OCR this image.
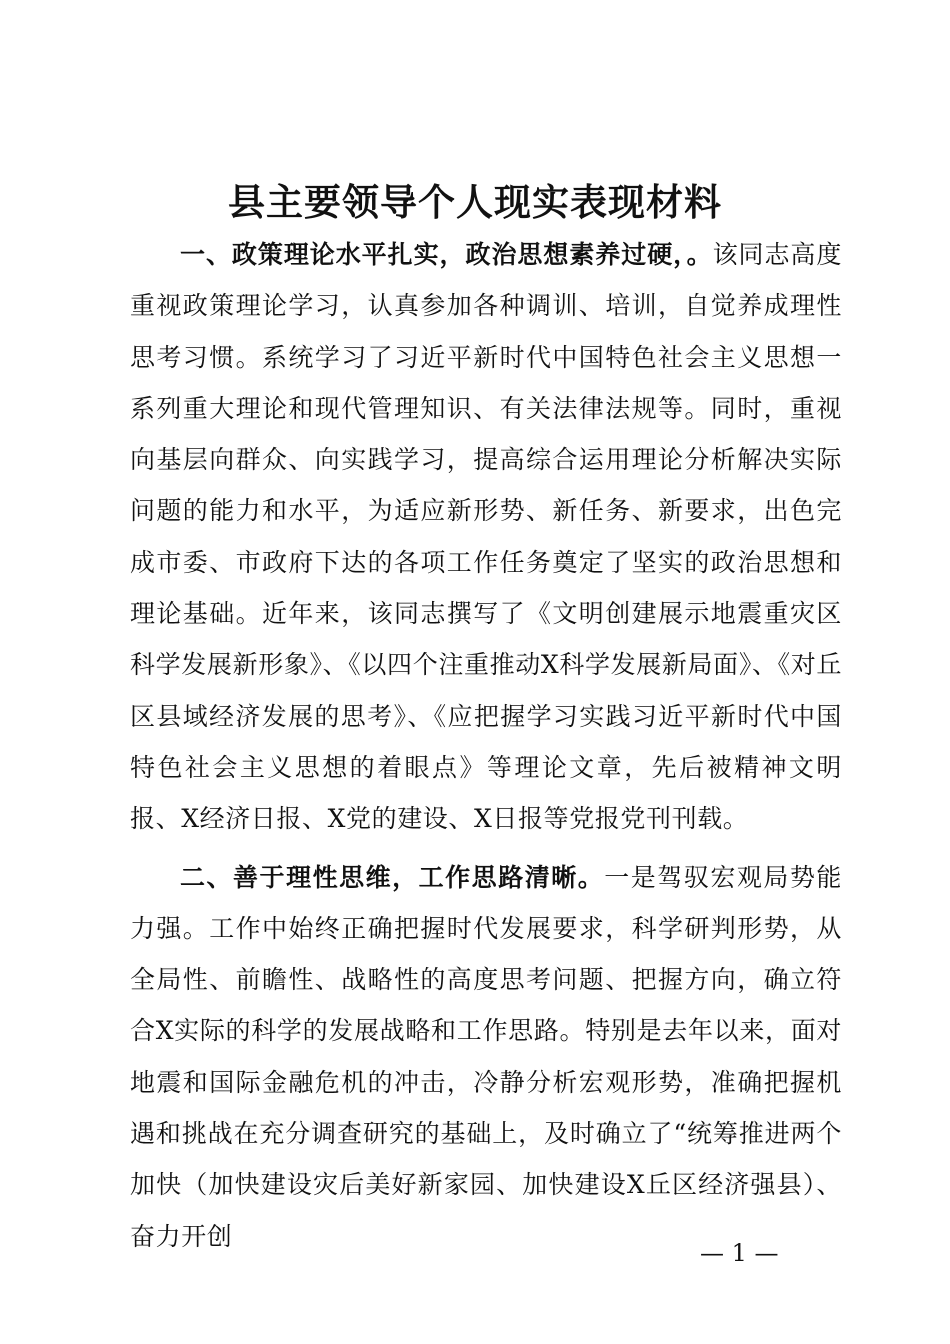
县主要领导个人现实表现材料

一、政策理论水平扎实，政治思想素养过硬，。该同志高度重视政策理论学习，认真参加各种调训、培训，自觉养成理性思考习惯。系统学习了习近平新时代中国特色社会主义思想一系列重大理论和现代管理知识、有关法律法规等。同时，重视向基层向群众、向实践学习，提高综合运用理论分析解决实际问题的能力和水平，为适应新形势、新任务、新要求，出色完成市委、市政府下达的各项工作任务奠定了坚实的政治思想和理论基础。近年来，该同志撰写了《文明创建展示地震重灾区科学发展新形象》、《以四个注重推动X科学发展新局面》、《对丘区县域经济发展的思考》、《应把握学习实践习近平新时代中国特色社会主义思想的着眼点》等理论文章，先后被精神文明报、X经济日报、X党的建设、X日报等党报党刊刊载。

二、善于理性思维，工作思路清晰。一是驾驭宏观局势能力强。工作中始终正确把握时代发展要求，科学研判形势，从全局性、前瞻性、战略性的高度思考问题、把握方向，确立符合X实际的科学的发展战略和工作思路。特别是去年以来，面对地震和国际金融危机的冲击，冷静分析宏观形势，准确把握机遇和挑战在充分调查研究的基础上，及时确立了“统筹推进两个加快（加快建设灾后美好新家园、加快建设X丘区经济强县）、奋力开创

— 1 —
